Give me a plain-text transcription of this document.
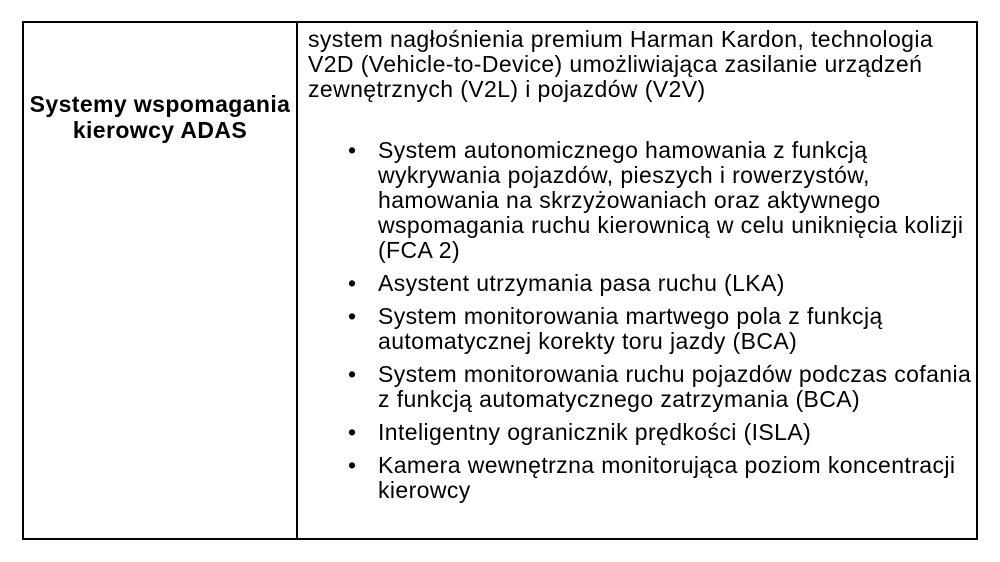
Systemy wspomagania kierowcy ADAS

system nagłośnienia premium Harman Kardon, technologia V2D (Vehicle-to-Device) umożliwiająca zasilanie urządzeń zewnętrznych (V2L) i pojazdów (V2V)

• System autonomicznego hamowania z funkcją wykrywania pojazdów, pieszych i rowerzystów, hamowania na skrzyżowaniach oraz aktywnego wspomagania ruchu kierownicą w celu uniknięcia kolizji (FCA 2)
• Asystent utrzymania pasa ruchu (LKA)
• System monitorowania martwego pola z funkcją automatycznej korekty toru jazdy (BCA)
• System monitorowania ruchu pojazdów podczas cofania z funkcją automatycznego zatrzymania (BCA)
• Inteligentny ogranicznik prędkości (ISLA)
• Kamera wewnętrzna monitorująca poziom koncentracji kierowcy
